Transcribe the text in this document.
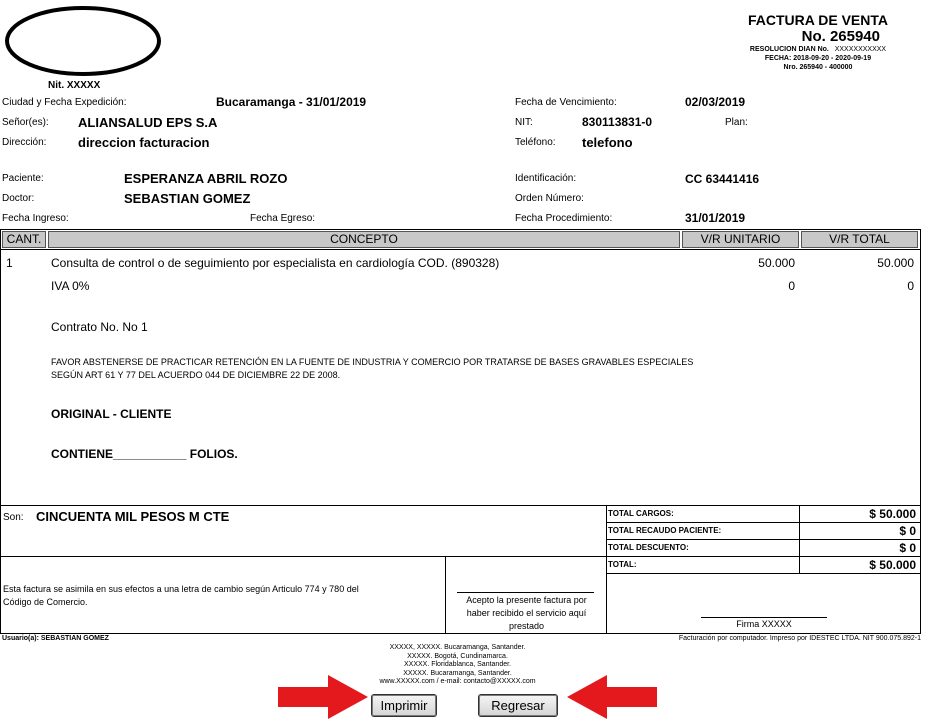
Nit. XXXXX
FACTURA DE VENTA
No. 265940
RESOLUCION DIAN No. XXXXXXXXXXX
FECHA: 2018-09-20 - 2020-09-19
Nro. 265940 - 400000
Ciudad y Fecha Expedición:	Bucaramanga - 31/01/2019	Fecha de Vencimiento:	02/03/2019
Señor(es): ALIANSALUD EPS S.A	NIT:	830113831-0	Plan:
Dirección: direccion facturacion	Teléfono: telefono
Paciente:	ESPERANZA ABRIL ROZO	Identificación:	CC 63441416
Doctor:	SEBASTIAN GOMEZ	Orden Número:
Fecha Ingreso:	Fecha Egreso:	Fecha Procedimiento:	31/01/2019
CANT.	CONCEPTO	V/R UNITARIO	V/R TOTAL
1	Consulta de control o de seguimiento por especialista en cardiología COD. (890328)	50.000	50.000
IVA 0%	0	0
Contrato No. No 1
FAVOR ABSTENERSE DE PRACTICAR RETENCIÓN EN LA FUENTE DE INDUSTRIA Y COMERCIO POR TRATARSE DE BASES GRAVABLES ESPECIALES
SEGÚN ART 61 Y 77 DEL ACUERDO 044 DE DICIEMBRE 22 DE 2008.
ORIGINAL - CLIENTE
CONTIENE___________ FOLIOS.
Son: CINCUENTA MIL PESOS M CTE	TOTAL CARGOS:	$ 50.000
TOTAL RECAUDO PACIENTE:	$ 0
TOTAL DESCUENTO:	$ 0
TOTAL:	$ 50.000
Esta factura se asimila en sus efectos a una letra de cambio según Articulo 774 y 780 del
Código de Comercio.	Acepto la presente factura por
haber recibido el servicio aquí
prestado	Firma XXXXX
Usuario(a): SEBASTIAN GOMEZ	Facturación por computador. Impreso por IDESTEC LTDA. NIT 900.075.892-1
XXXXX, XXXXX. Bucaramanga, Santander.
XXXXX. Bogotá, Cundinamarca.
XXXXX. Floridablanca, Santander.
XXXXX. Bucaramanga, Santander.
www.XXXXX.com / e-mail: contacto@XXXXX.com
Imprimir	Regresar
